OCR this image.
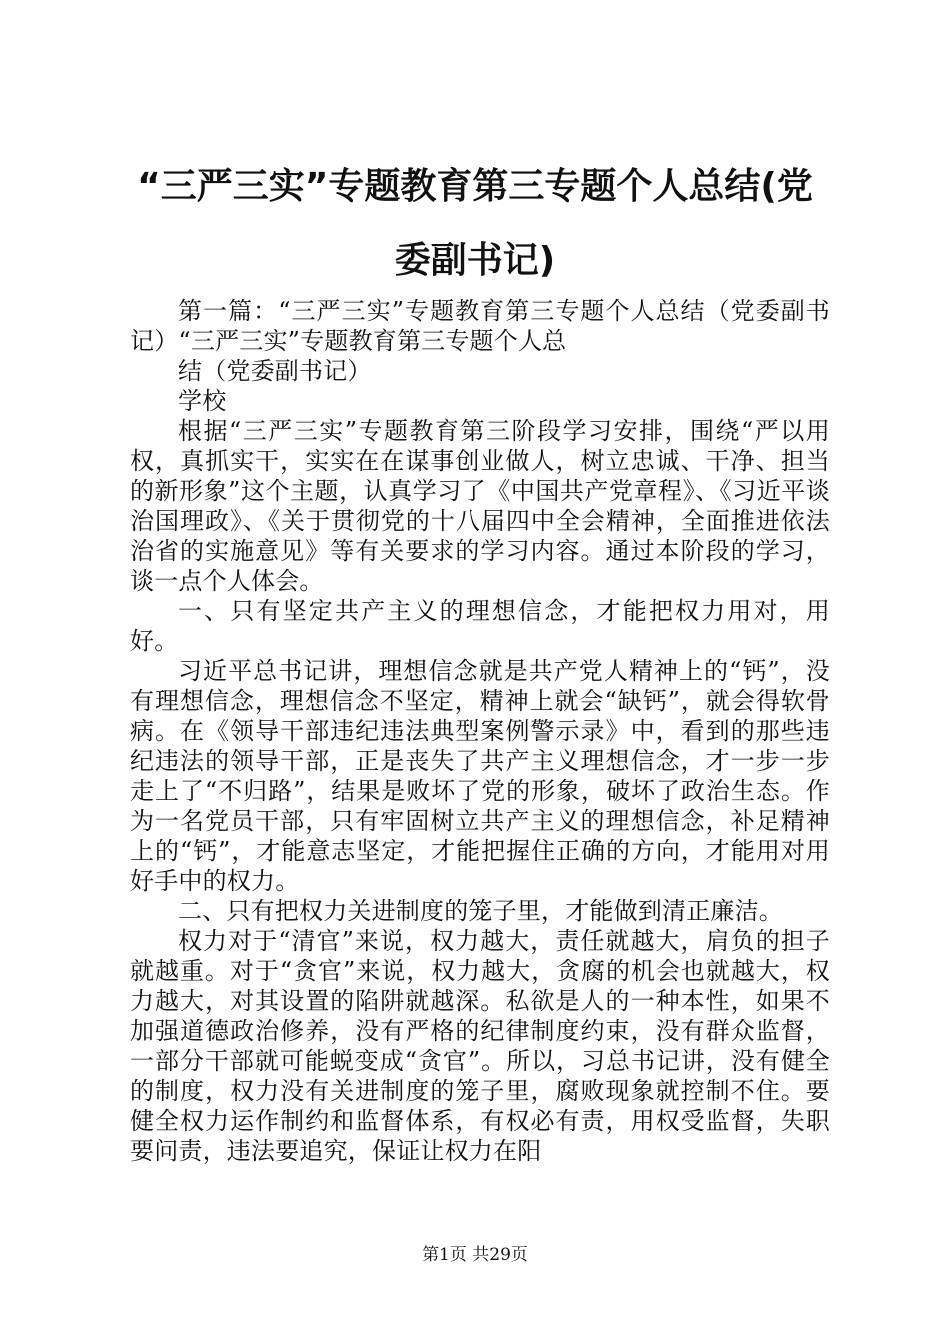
“三严三实”专题教育第三专题个人总结(党
委副书记)

第一篇：“三严三实”专题教育第三专题个人总结（党委副书记）“三严三实”专题教育第三专题个人总

结（党委副书记）

学校

根据“三严三实”专题教育第三阶段学习安排，围绕“严以用权，真抓实干，实实在在谋事创业做人，树立忠诚、干净、担当的新形象”这个主题，认真学习了《中国共产党章程》、《习近平谈治国理政》、《关于贯彻党的十八届四中全会精神，全面推进依法治省的实施意见》等有关要求的学习内容。通过本阶段的学习，谈一点个人体会。

一、只有坚定共产主义的理想信念，才能把权力用对，用好。

习近平总书记讲，理想信念就是共产党人精神上的“钙”，没有理想信念，理想信念不坚定，精神上就会“缺钙”，就会得软骨病。在《领导干部违纪违法典型案例警示录》中，看到的那些违纪违法的领导干部，正是丧失了共产主义理想信念，才一步一步走上了“不归路”，结果是败坏了党的形象，破坏了政治生态。作为一名党员干部，只有牢固树立共产主义的理想信念，补足精神上的“钙”，才能意志坚定，才能把握住正确的方向，才能用对用好手中的权力。

二、只有把权力关进制度的笼子里，才能做到清正廉洁。

权力对于“清官”来说，权力越大，责任就越大，肩负的担子就越重。对于“贪官”来说，权力越大，贪腐的机会也就越大，权力越大，对其设置的陷阱就越深。私欲是人的一种本性，如果不加强道德政治修养，没有严格的纪律制度约束，没有群众监督，一部分干部就可能蜕变成“贪官”。所以，习总书记讲，没有健全的制度，权力没有关进制度的笼子里，腐败现象就控制不住。要健全权力运作制约和监督体系，有权必有责，用权受监督，失职要问责，违法要追究，保证让权力在阳

第1页 共29页
